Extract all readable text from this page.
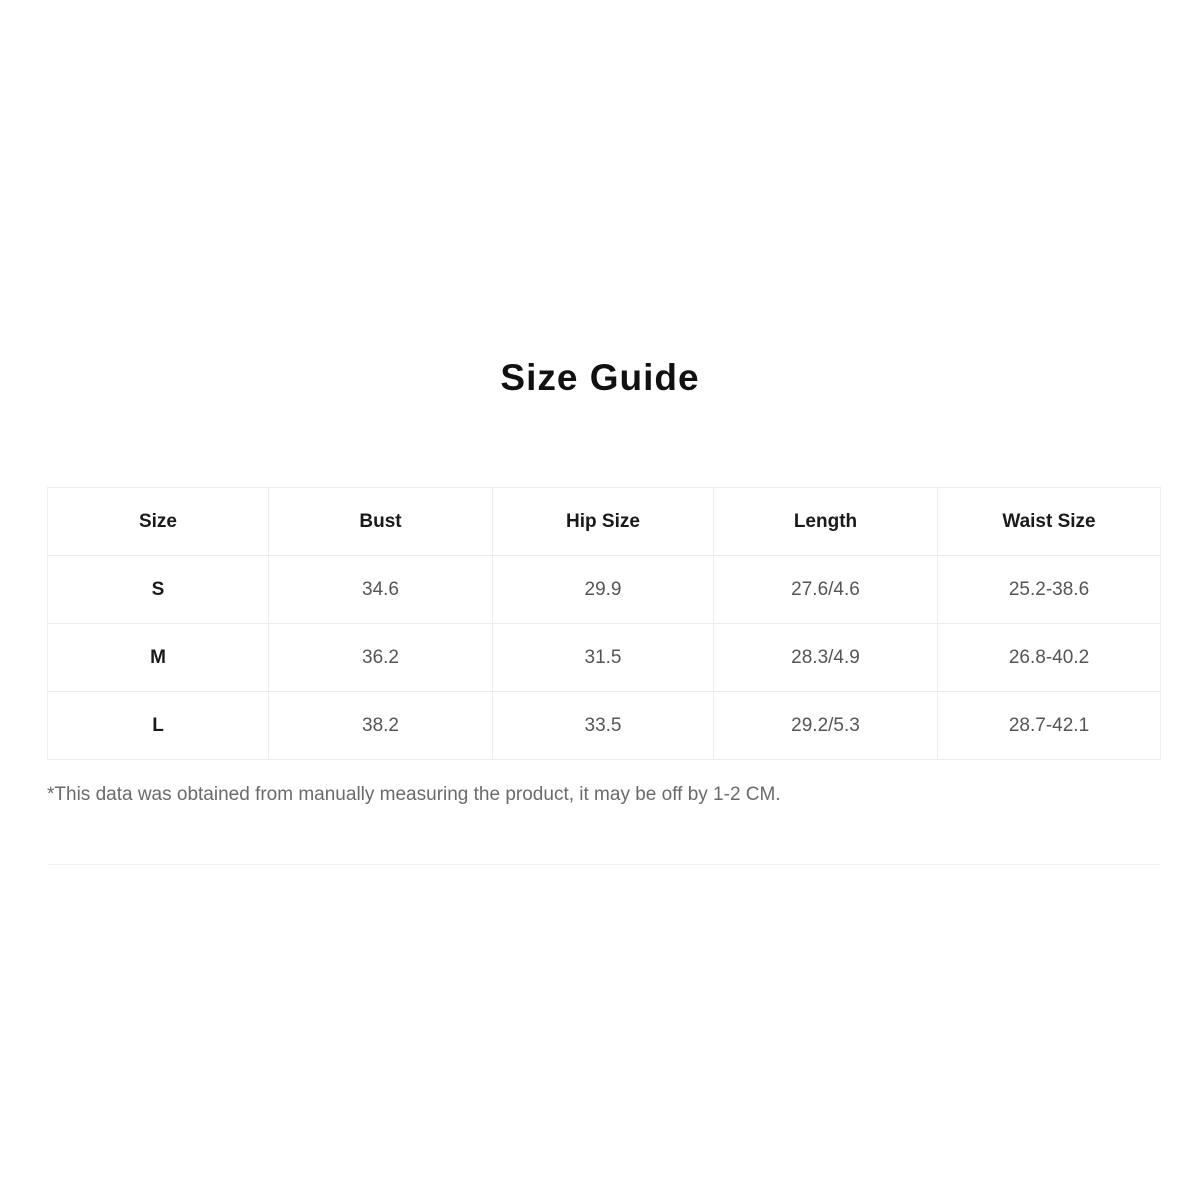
Size Guide
Size	Bust	Hip Size	Length	Waist Size
S	34.6	29.9	27.6/4.6	25.2-38.6
M	36.2	31.5	28.3/4.9	26.8-40.2
L	38.2	33.5	29.2/5.3	28.7-42.1

*This data was obtained from manually measuring the product, it may be off by 1-2 CM.
